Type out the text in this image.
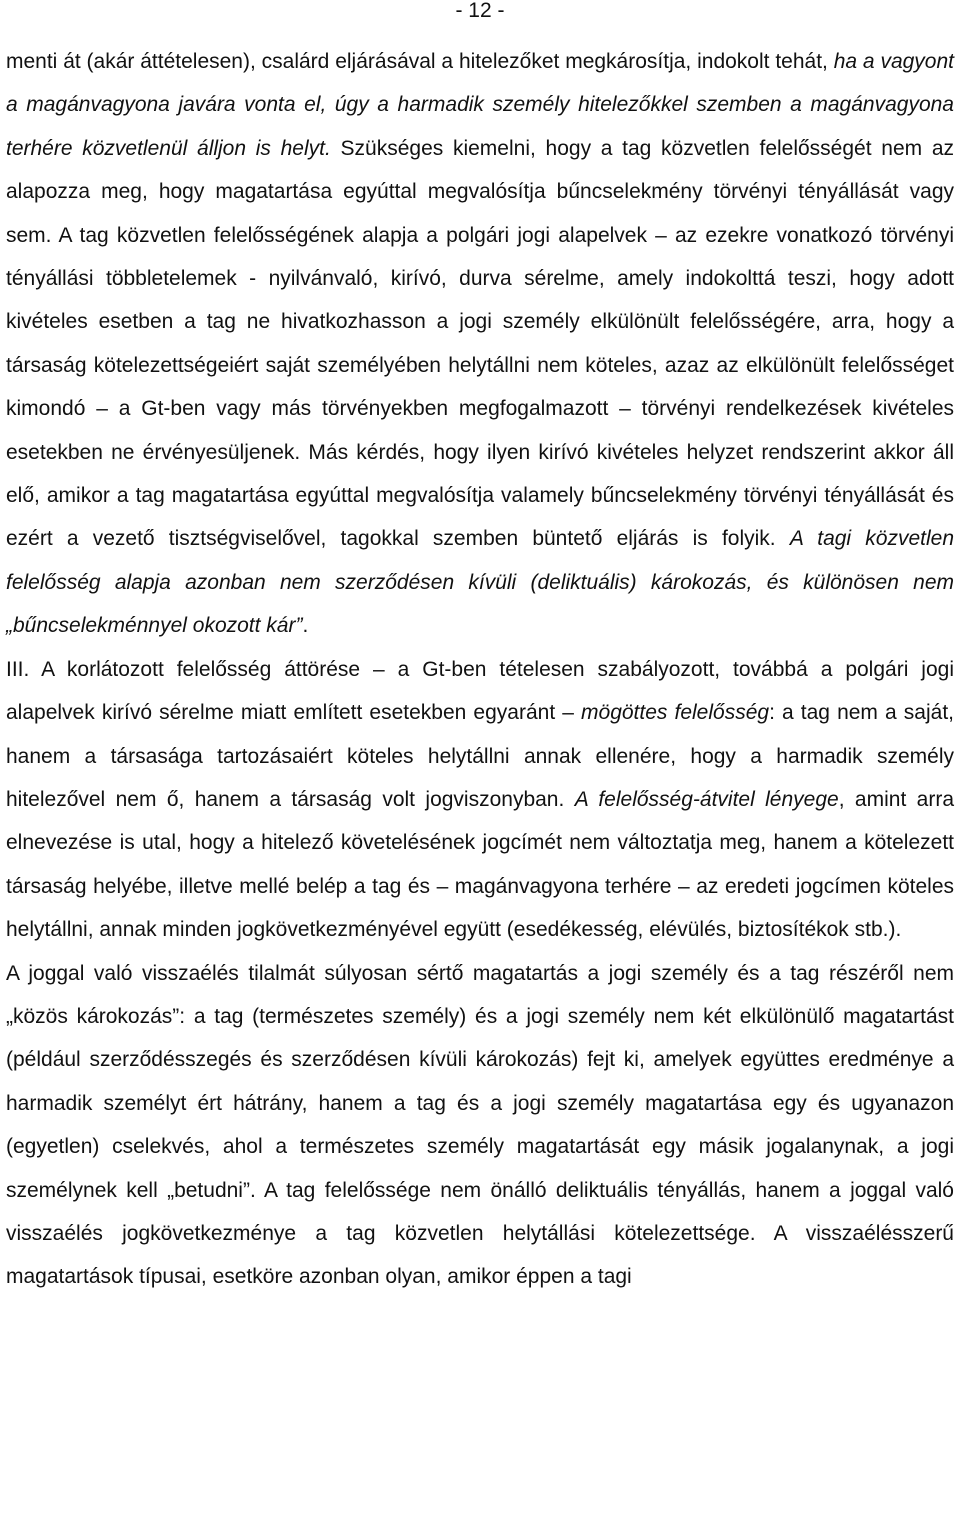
- 12 -

menti át (akár áttételesen), csalárd eljárásával a hitelezőket megkárosítja, indokolt tehát, ha a vagyont a magánvagyona javára vonta el, úgy a harmadik személy hitelezőkkel szemben a magánvagyona terhére közvetlenül álljon is helyt. Szükséges kiemelni, hogy a tag közvetlen felelősségét nem az alapozza meg, hogy magatartása egyúttal megvalósítja bűncselekmény törvényi tényállását vagy sem. A tag közvetlen felelősségének alapja a polgári jogi alapelvek – az ezekre vonatkozó törvényi tényállási többletelemek - nyilvánvaló, kirívó, durva sérelme, amely indokolttá teszi, hogy adott kivételes esetben a tag ne hivatkozhasson a jogi személy elkülönült felelősségére, arra, hogy a társaság kötelezettségeiért saját személyében helytállni nem köteles, azaz az elkülönült felelősséget kimondó – a Gt-ben vagy más törvényekben megfogalmazott – törvényi rendelkezések kivételes esetekben ne érvényesüljenek. Más kérdés, hogy ilyen kirívó kivételes helyzet rendszerint akkor áll elő, amikor a tag magatartása egyúttal megvalósítja valamely bűncselekmény törvényi tényállását és ezért a vezető tisztségviselővel, tagokkal szemben büntető eljárás is folyik. A tagi közvetlen felelősség alapja azonban nem szerződésen kívüli (deliktuális) károkozás, és különösen nem „bűncselekménnyel okozott kár”.

III. A korlátozott felelősség áttörése – a Gt-ben tételesen szabályozott, továbbá a polgári jogi alapelvek kirívó sérelme miatt említett esetekben egyaránt – mögöttes felelősség: a tag nem a saját, hanem a társasága tartozásaiért köteles helytállni annak ellenére, hogy a harmadik személy hitelezővel nem ő, hanem a társaság volt jogviszonyban. A felelősség-átvitel lényege, amint arra elnevezése is utal, hogy a hitelező követelésének jogcímét nem változtatja meg, hanem a kötelezett társaság helyébe, illetve mellé belép a tag és – magánvagyona terhére – az eredeti jogcímen köteles helytállni, annak minden jogkövetkezményével együtt (esedékesség, elévülés, biztosítékok stb.).

A joggal való visszaélés tilalmát súlyosan sértő magatartás a jogi személy és a tag részéről nem „közös károkozás”: a tag (természetes személy) és a jogi személy nem két elkülönülő magatartást (például szerződésszegés és szerződésen kívüli károkozás) fejt ki, amelyek együttes eredménye a harmadik személyt ért hátrány, hanem a tag és a jogi személy magatartása egy és ugyanazon (egyetlen) cselekvés, ahol a természetes személy magatartását egy másik jogalanynak, a jogi személynek kell „betudni”. A tag felelőssége nem önálló deliktuális tényállás, hanem a joggal való visszaélés jogkövetkezménye a tag közvetlen helytállási kötelezettsége. A visszaélésszerű magatartások típusai, esetköre azonban olyan, amikor éppen a tagi
